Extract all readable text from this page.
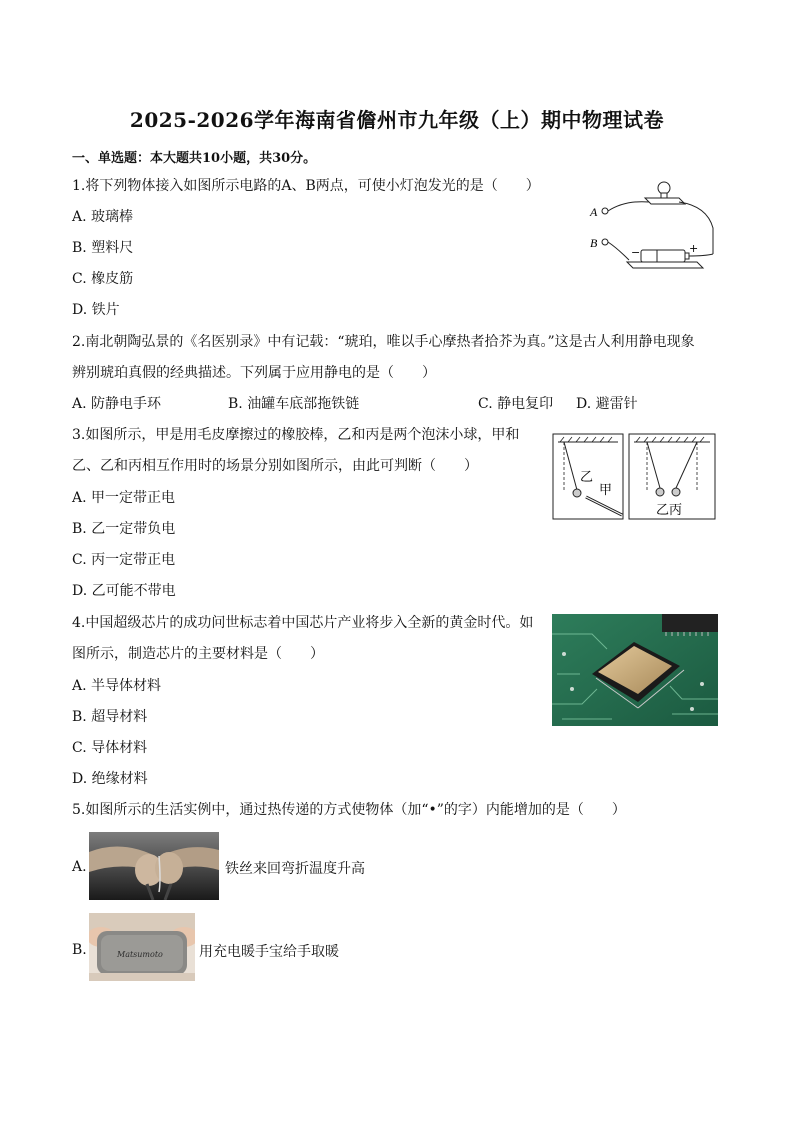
2025-2026学年海南省儋州市九年级（上）期中物理试卷
一、单选题：本大题共10小题，共30分。
1.将下列物体接入如图所示电路的A、B两点，可使小灯泡发光的是（　　）
A. 玻璃棒
B. 塑料尺
C. 橡皮筋
D. 铁片
A
B
−	+
2.南北朝陶弘景的《名医别录》中有记载：“琥珀，唯以手心摩热者拾芥为真。”这是古人利用静电现象
辨别琥珀真假的经典描述。下列属于应用静电的是（　　）
A. 防静电手环	B. 油罐车底部拖铁链	C. 静电复印 D. 避雷针
3.如图所示，甲是用毛皮摩擦过的橡胶棒，乙和丙是两个泡沫小球，甲和
乙、乙和丙相互作用时的场景分别如图所示，由此可判断（　　）
A. 甲一定带正电
B. 乙一定带负电
C. 丙一定带正电
D. 乙可能不带电
乙
甲
乙丙
4.中国超级芯片的成功问世标志着中国芯片产业将步入全新的黄金时代。如
图所示，制造芯片的主要材料是（　　）
A. 半导体材料
B. 超导材料
C. 导体材料
D. 绝缘材料
5.如图所示的生活实例中，通过热传递的方式使物体（加“•”的字）内能增加的是（　　）
A.	铁丝来回弯折温度升高
B.	Matsumoto	用充电暖手宝给手取暖
